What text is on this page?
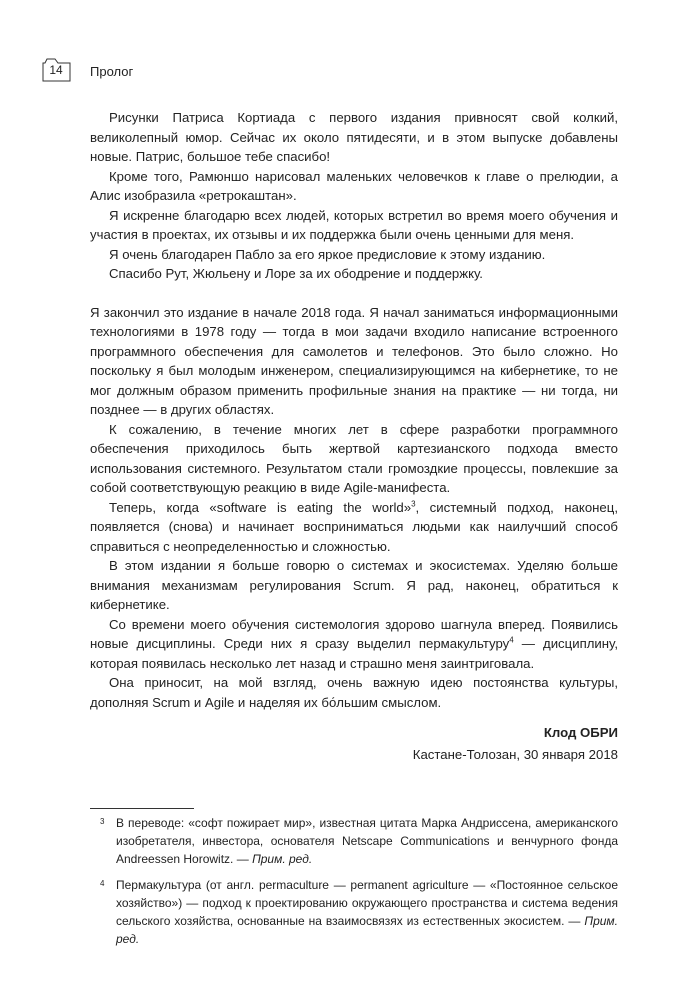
14	Пролог

Рисунки Патриса Кортиада с первого издания привносят свой колкий, великолепный юмор. Сейчас их около пятидесяти, и в этом выпуске добавлены новые. Патрис, большое тебе спасибо!

Кроме того, Рамюншо нарисовал маленьких человечков к главе о прелюдии, а Алис изобразила «ретрокаштан».

Я искренне благодарю всех людей, которых встретил во время моего обучения и участия в проектах, их отзывы и их поддержка были очень ценными для меня.

Я очень благодарен Пабло за его яркое предисловие к этому изданию.

Спасибо Рут, Жюльену и Лоре за их ободрение и поддержку.

Я закончил это издание в начале 2018 года. Я начал заниматься информационными технологиями в 1978 году — тогда в мои задачи входило написание встроенного программного обеспечения для самолетов и телефонов. Это было сложно. Но поскольку я был молодым инженером, специализирующимся на кибернетике, то не мог должным образом применить профильные знания на практике — ни тогда, ни позднее — в других областях.

К сожалению, в течение многих лет в сфере разработки программного обеспечения приходилось быть жертвой картезианского подхода вместо использования системного. Результатом стали громоздкие процессы, повлекшие за собой соответствующую реакцию в виде Agile-манифеста.

Теперь, когда «software is eating the world»$^3$, системный подход, наконец, появляется (снова) и начинает восприниматься людьми как наилучший способ справиться с неопределенностью и сложностью.

В этом издании я больше говорю о системах и экосистемах. Уделяю больше внимания механизмам регулирования Scrum. Я рад, наконец, обратиться к кибернетике.

Со времени моего обучения системология здорово шагнула вперед. Появились новые дисциплины. Среди них я сразу выделил пермакультуру$^4$ — дисциплину, которая появилась несколько лет назад и страшно меня заинтриговала.

Она приносит, на мой взгляд, очень важную идею постоянства культуры, дополняя Scrum и Agile и наделяя их бо́льшим смыслом.

Клод ОБРИ
Кастане-Толозан, 30 января 2018
3 В переводе: «софт пожирает мир», известная цитата Марка Андриссена, американского изобретателя, инвестора, основателя Netscape Communications и венчурного фонда Andreessen Horowitz. — Прим. ред.
4 Пермакультура (от англ. permaculture — permanent agriculture — «Постоянное сельское хозяйство») — подход к проектированию окружающего пространства и система ведения сельского хозяйства, основанные на взаимосвязях из естественных экосистем. — Прим. ред.
